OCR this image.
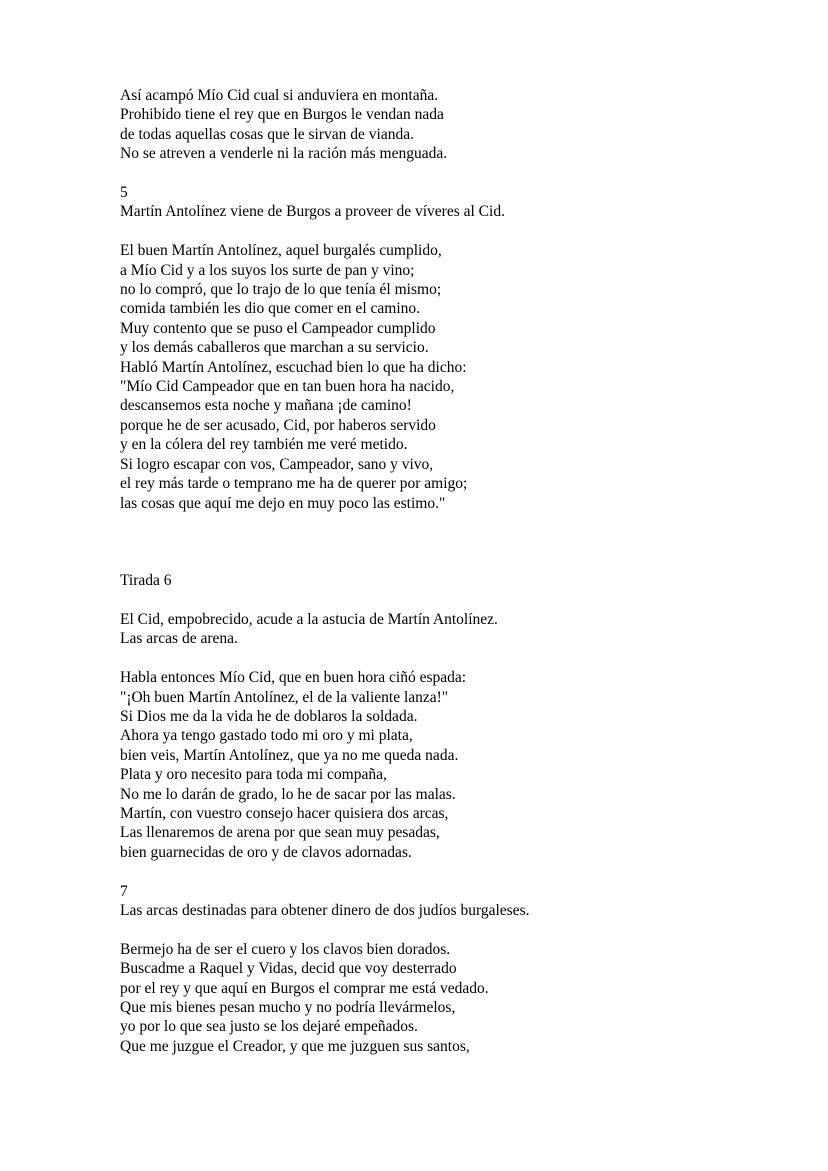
Así acampó Mío Cid cual si anduviera en montaña.
Prohibido tiene el rey que en Burgos le vendan nada
de todas aquellas cosas que le sirvan de vianda.
No se atreven a venderle ni la ración más menguada.
5
Martín Antolínez viene de Burgos a proveer de víveres al Cid.
El buen Martín Antolínez, aquel burgalés cumplido,
a Mío Cid y a los suyos los surte de pan y vino;
no lo compró, que lo trajo de lo que tenía él mismo;
comida también les dio que comer en el camino.
Muy contento que se puso el Campeador cumplido
y los demás caballeros que marchan a su servicio.
Habló Martín Antolínez, escuchad bien lo que ha dicho:
"Mío Cid Campeador que en tan buen hora ha nacido,
descansemos esta noche y mañana ¡de camino!
porque he de ser acusado, Cid, por haberos servido
y en la cólera del rey también me veré metido.
Si logro escapar con vos, Campeador, sano y vivo,
el rey más tarde o temprano me ha de querer por amigo;
las cosas que aquí me dejo en muy poco las estimo."
Tirada 6
El Cid, empobrecido, acude a la astucia de Martín Antolínez.
Las arcas de arena.
Habla entonces Mío Cid, que en buen hora ciñó espada:
"¡Oh buen Martín Antolínez, el de la valiente lanza!"
Si Dios me da la vida he de doblaros la soldada.
Ahora ya tengo gastado todo mi oro y mi plata,
bien veis, Martín Antolínez, que ya no me queda nada.
Plata y oro necesito para toda mi compaña,
No me lo darán de grado, lo he de sacar por las malas.
Martín, con vuestro consejo hacer quisiera dos arcas,
Las llenaremos de arena por que sean muy pesadas,
bien guarnecidas de oro y de clavos adornadas.
7
Las arcas destinadas para obtener dinero de dos judíos burgaleses.
Bermejo ha de ser el cuero y los clavos bien dorados.
Buscadme a Raquel y Vidas, decid que voy desterrado
por el rey y que aquí en Burgos el comprar me está vedado.
Que mis bienes pesan mucho y no podría llevármelos,
yo por lo que sea justo se los dejaré empeñados.
Que me juzgue el Creador, y que me juzguen sus santos,
